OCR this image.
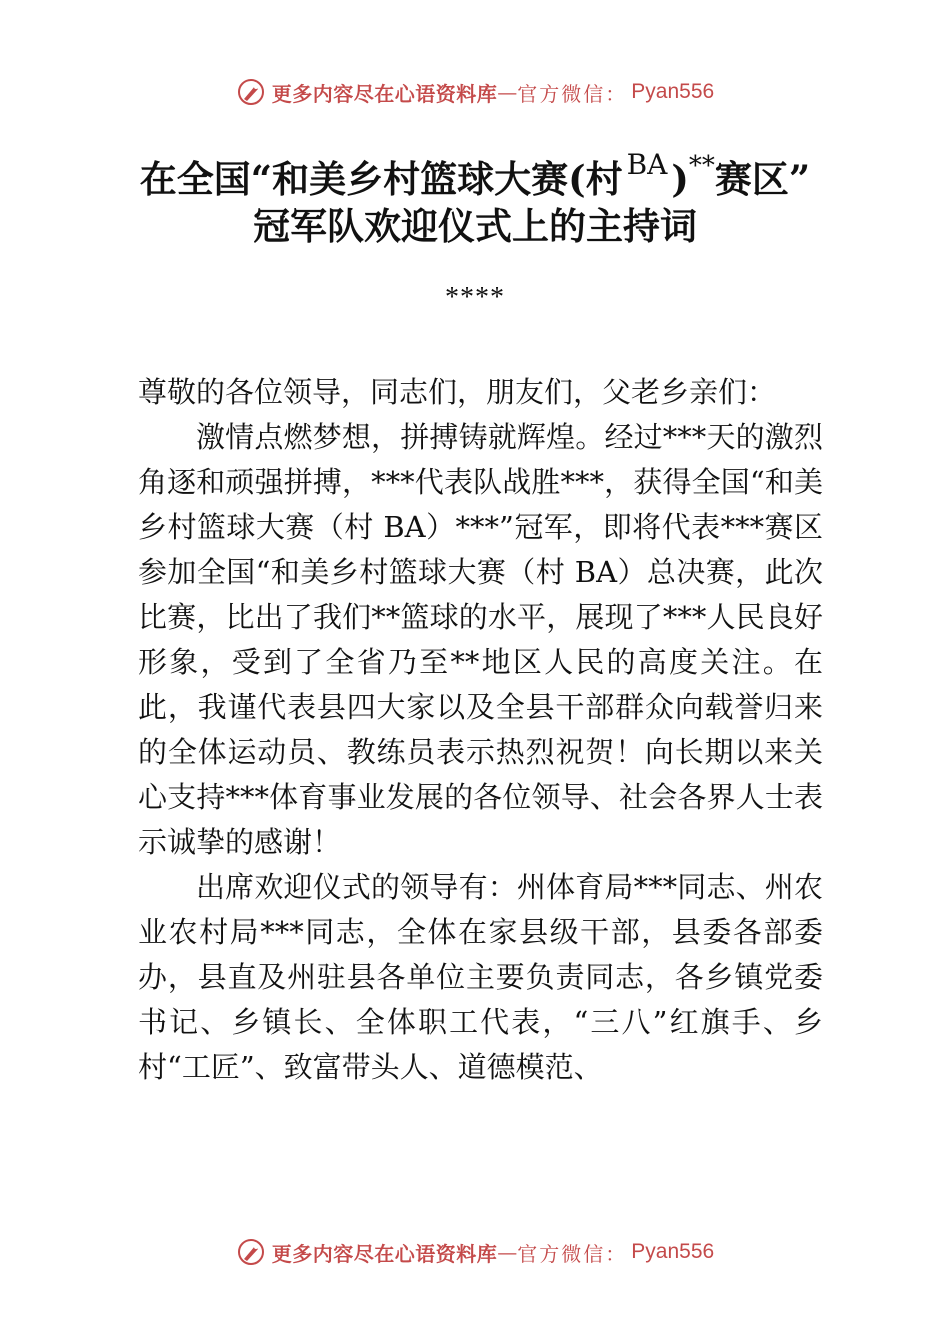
更多内容尽在心语资料库 — 官方微信： Pyan556
在全国“和美乡村篮球大赛(村 $^{BA}$ )**赛区”
冠军队欢迎仪式上的主持词
****

尊敬的各位领导，同志们，朋友们，父老乡亲们：

激情点燃梦想，拼搏铸就辉煌。经过***天的激烈角逐和顽强拼搏，***代表队战胜***，获得全国“和美乡村篮球大赛（村 BA）***”冠军，即将代表***赛区参加全国“和美乡村篮球大赛（村 BA）总决赛，此次比赛，比出了我们**篮球的水平，展现了***人民良好形象，受到了全省乃至**地区人民的高度关注。在此，我谨代表县四大家以及全县干部群众向载誉归来的全体运动员、教练员表示热烈祝贺！向长期以来关心支持***体育事业发展的各位领导、社会各界人士表示诚挚的感谢！

出席欢迎仪式的领导有：州体育局***同志、州农业农村局***同志，全体在家县级干部，县委各部委办，县直及州驻县各单位主要负责同志，各乡镇党委书记、乡镇长、全体职工代表，“三八”红旗手、乡村“工匠”、致富带头人、道德模范、

更多内容尽在心语资料库 — 官方微信： Pyan556
